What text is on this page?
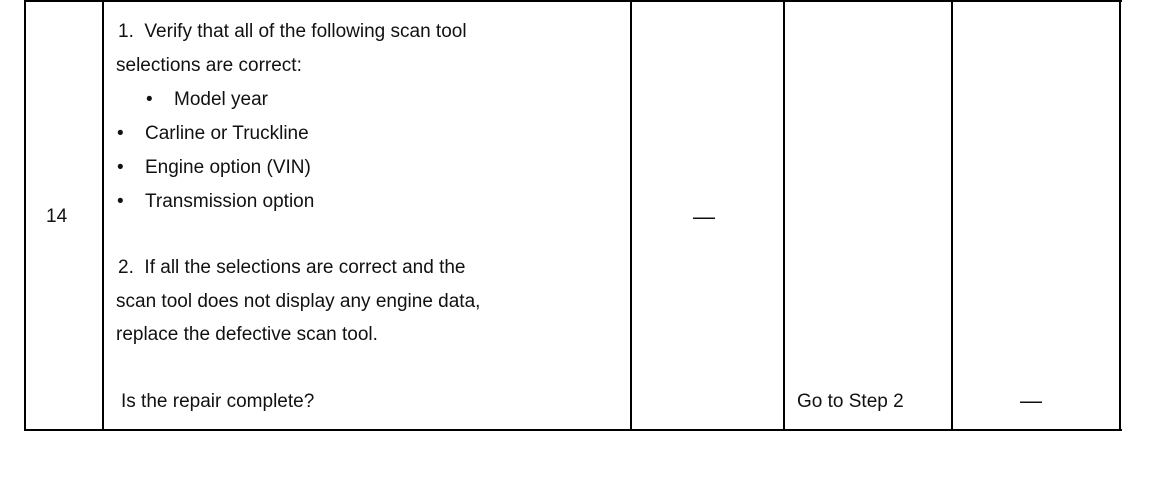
14
1. Verify that all of the following scan tool
selections are correct:
• Model year
• Carline or Truckline
• Engine option (VIN)
• Transmission option
2. If all the selections are correct and the
scan tool does not display any engine data,
replace the defective scan tool.
Is the repair complete?
—
Go to Step 2	—
